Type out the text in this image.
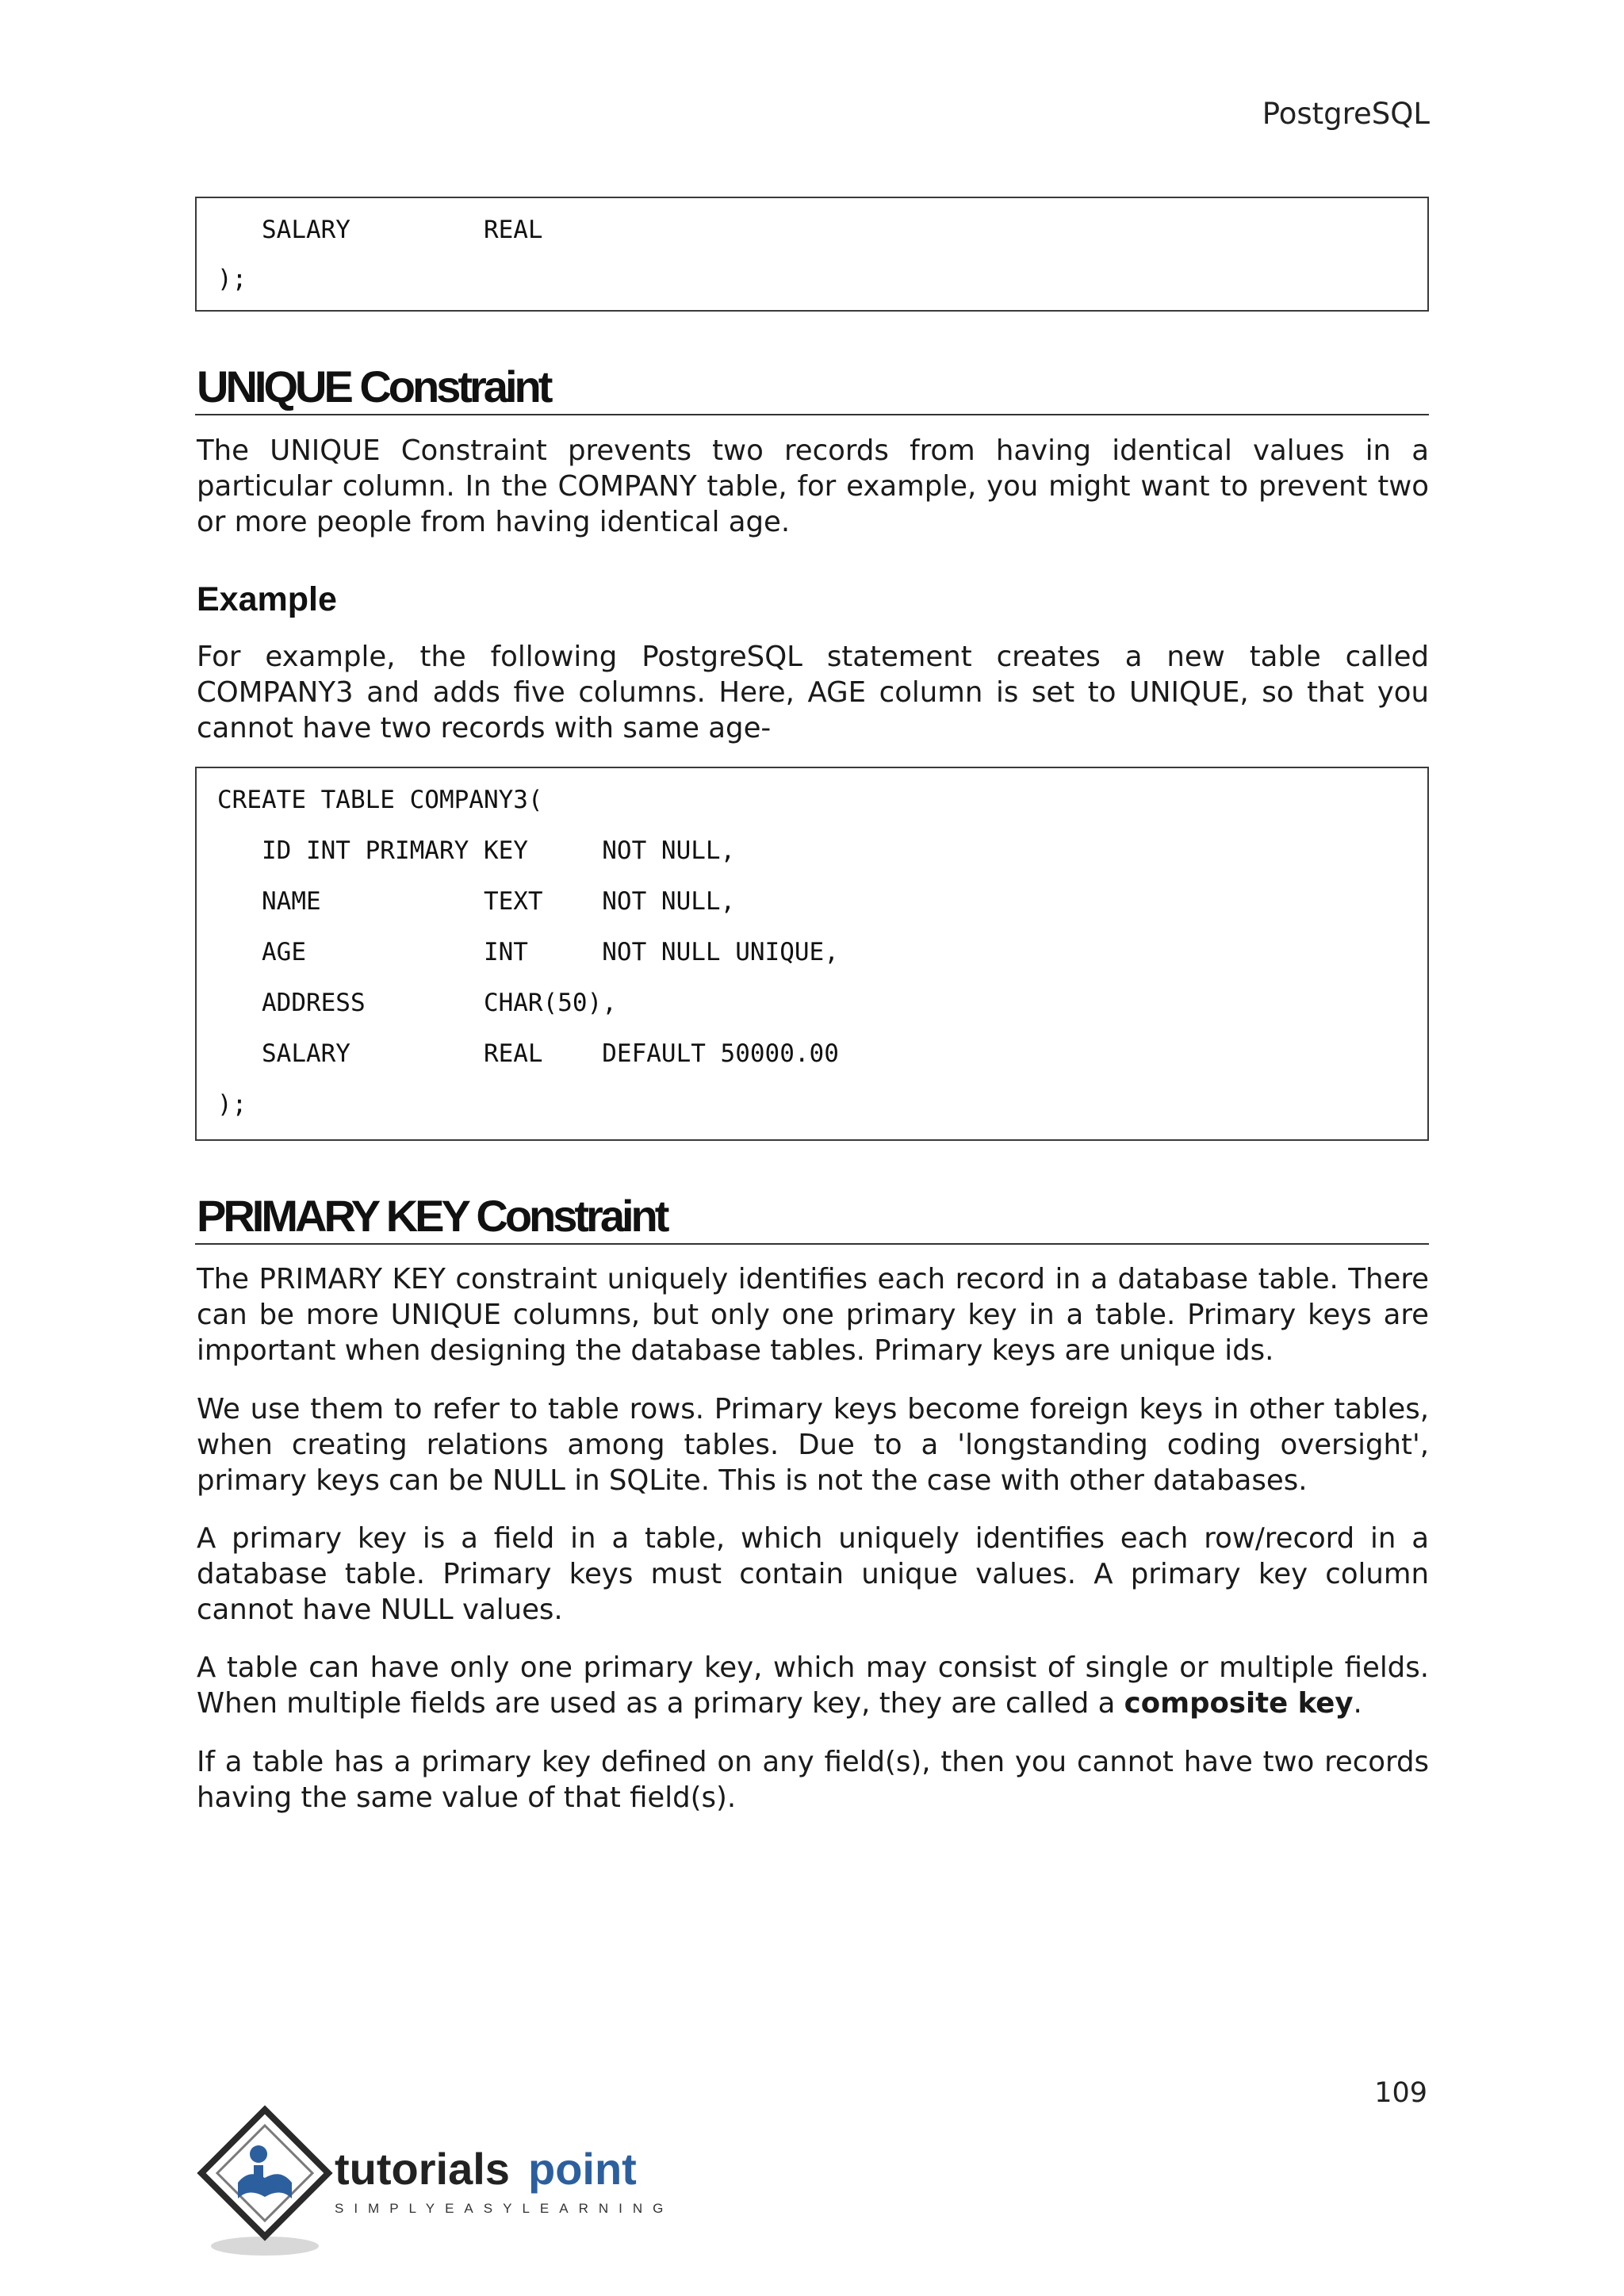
PostgreSQL
SALARY         REAL
);
UNIQUE Constraint
The UNIQUE Constraint prevents two records from having identical values in a particular column. In the COMPANY table, for example, you might want to prevent two or more people from having identical age.
Example
For example, the following PostgreSQL statement creates a new table called COMPANY3 and adds five columns. Here, AGE column is set to UNIQUE, so that you cannot have two records with same age-
CREATE TABLE COMPANY3(
ID INT PRIMARY KEY     NOT NULL,
NAME           TEXT    NOT NULL,
AGE            INT     NOT NULL UNIQUE,
ADDRESS        CHAR(50),
SALARY         REAL    DEFAULT 50000.00
);
PRIMARY KEY Constraint
The PRIMARY KEY constraint uniquely identifies each record in a database table. There can be more UNIQUE columns, but only one primary key in a table. Primary keys are important when designing the database tables. Primary keys are unique ids.
We use them to refer to table rows. Primary keys become foreign keys in other tables, when creating relations among tables. Due to a 'longstanding coding oversight', primary keys can be NULL in SQLite. This is not the case with other databases.
A primary key is a field in a table, which uniquely identifies each row/record in a database table. Primary keys must contain unique values. A primary key column cannot have NULL values.
A table can have only one primary key, which may consist of single or multiple fields. When multiple fields are used as a primary key, they are called a composite key.
If a table has a primary key defined on any field(s), then you cannot have two records having the same value of that field(s).
109
tutorials point
SIMPLYEASYLEARNING
